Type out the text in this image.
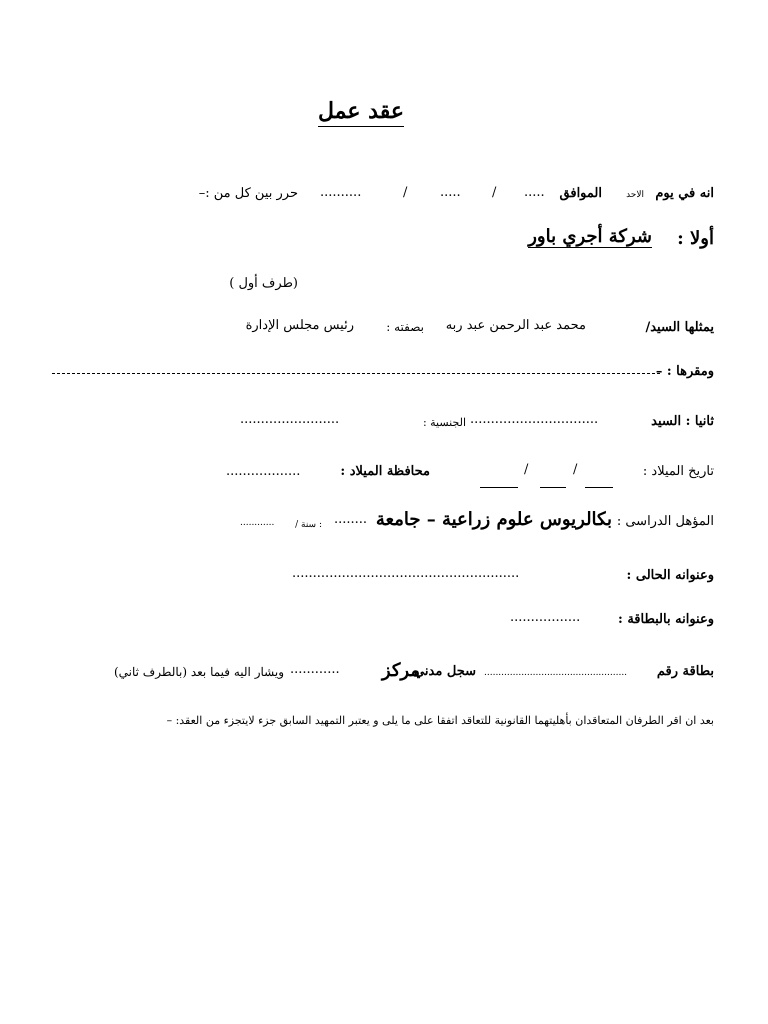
عقد عمل
انه في يوم
الاحد
الموافق
.....
/
.....
/
..........
حرر بين كل من :–
أولا :
شركة أجري باور
(طرف أول )
يمثلها السيد/
محمد عبد الرحمن عبد ربه
بصفته :
رئيس مجلس الإدارة
ومقرها : –
ثانيا : السيد
...............................
الجنسية :
........................
تاريخ الميلاد :
/
/
محافظة الميلاد :
..................
المؤهل الدراسى :
بكالريوس علوم زراعية – جامعة
........
: سنة /
............
وعنوانه الحالى :
.......................................................
وعنوانه بالبطاقة :
.................
بطاقة رقم
..................................................
سجل مدني
مركز
............
ويشار اليه فيما بعد (بالطرف ثاني)
بعد ان اقر الطرفان المتعاقدان بأهليتهما القانونية للتعاقد اتفقا على ما يلى و يعتبر التمهيد السابق جزء لايتجزء من العقد: –
